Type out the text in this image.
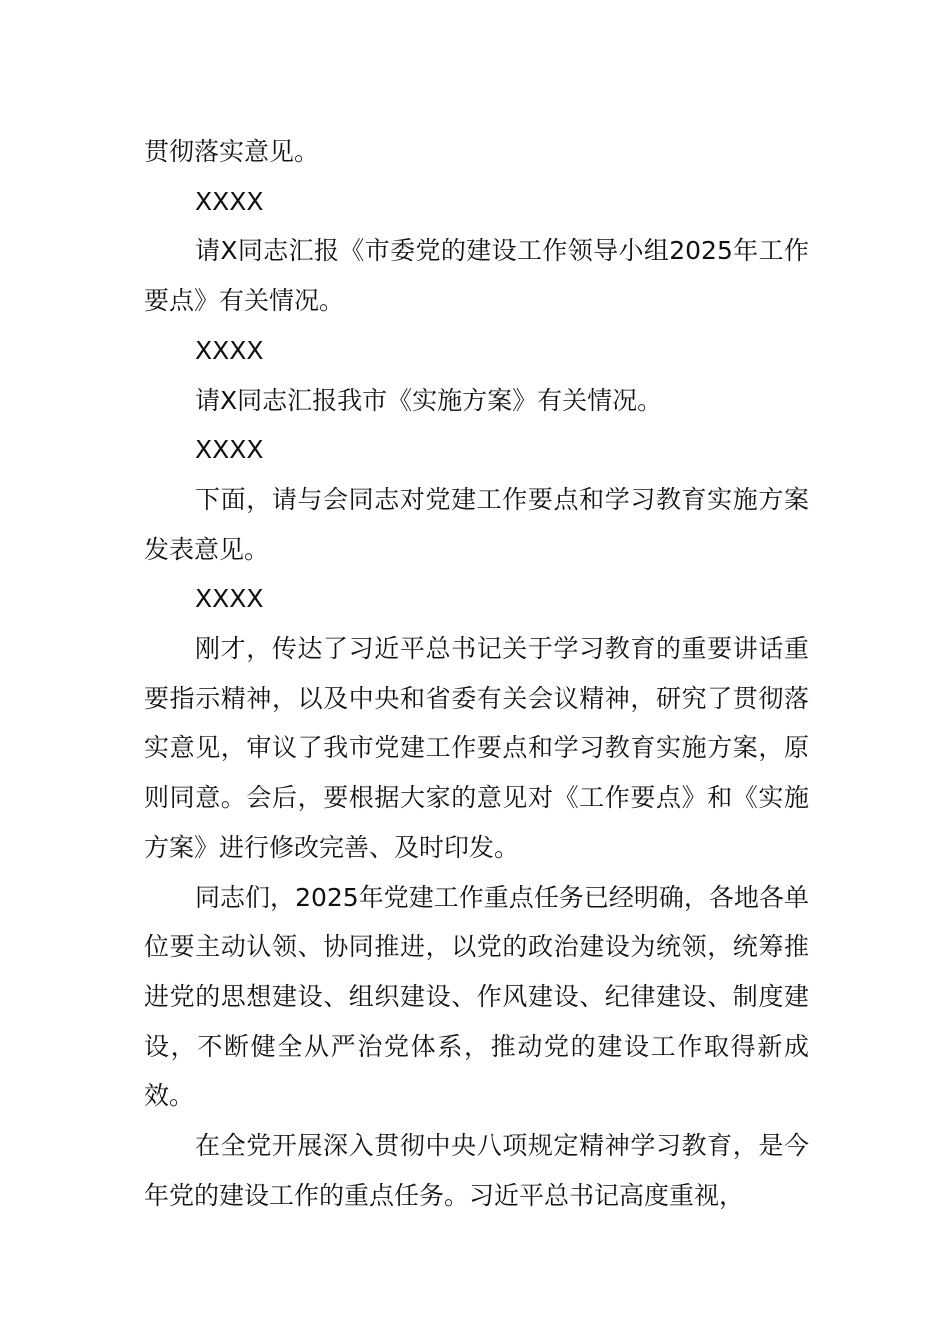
贯彻落实意见。

XXXX

请X同志汇报《市委党的建设工作领导小组2025年工作要点》有关情况。

XXXX

请X同志汇报我市《实施方案》有关情况。

XXXX

下面，请与会同志对党建工作要点和学习教育实施方案发表意见。

XXXX

刚才，传达了习近平总书记关于学习教育的重要讲话重要指示精神，以及中央和省委有关会议精神，研究了贯彻落实意见，审议了我市党建工作要点和学习教育实施方案，原则同意。会后，要根据大家的意见对《工作要点》和《实施方案》进行修改完善、及时印发。

同志们，2025年党建工作重点任务已经明确，各地各单位要主动认领、协同推进，以党的政治建设为统领，统筹推进党的思想建设、组织建设、作风建设、纪律建设、制度建设，不断健全从严治党体系，推动党的建设工作取得新成效。

在全党开展深入贯彻中央八项规定精神学习教育，是今年党的建设工作的重点任务。习近平总书记高度重视，
